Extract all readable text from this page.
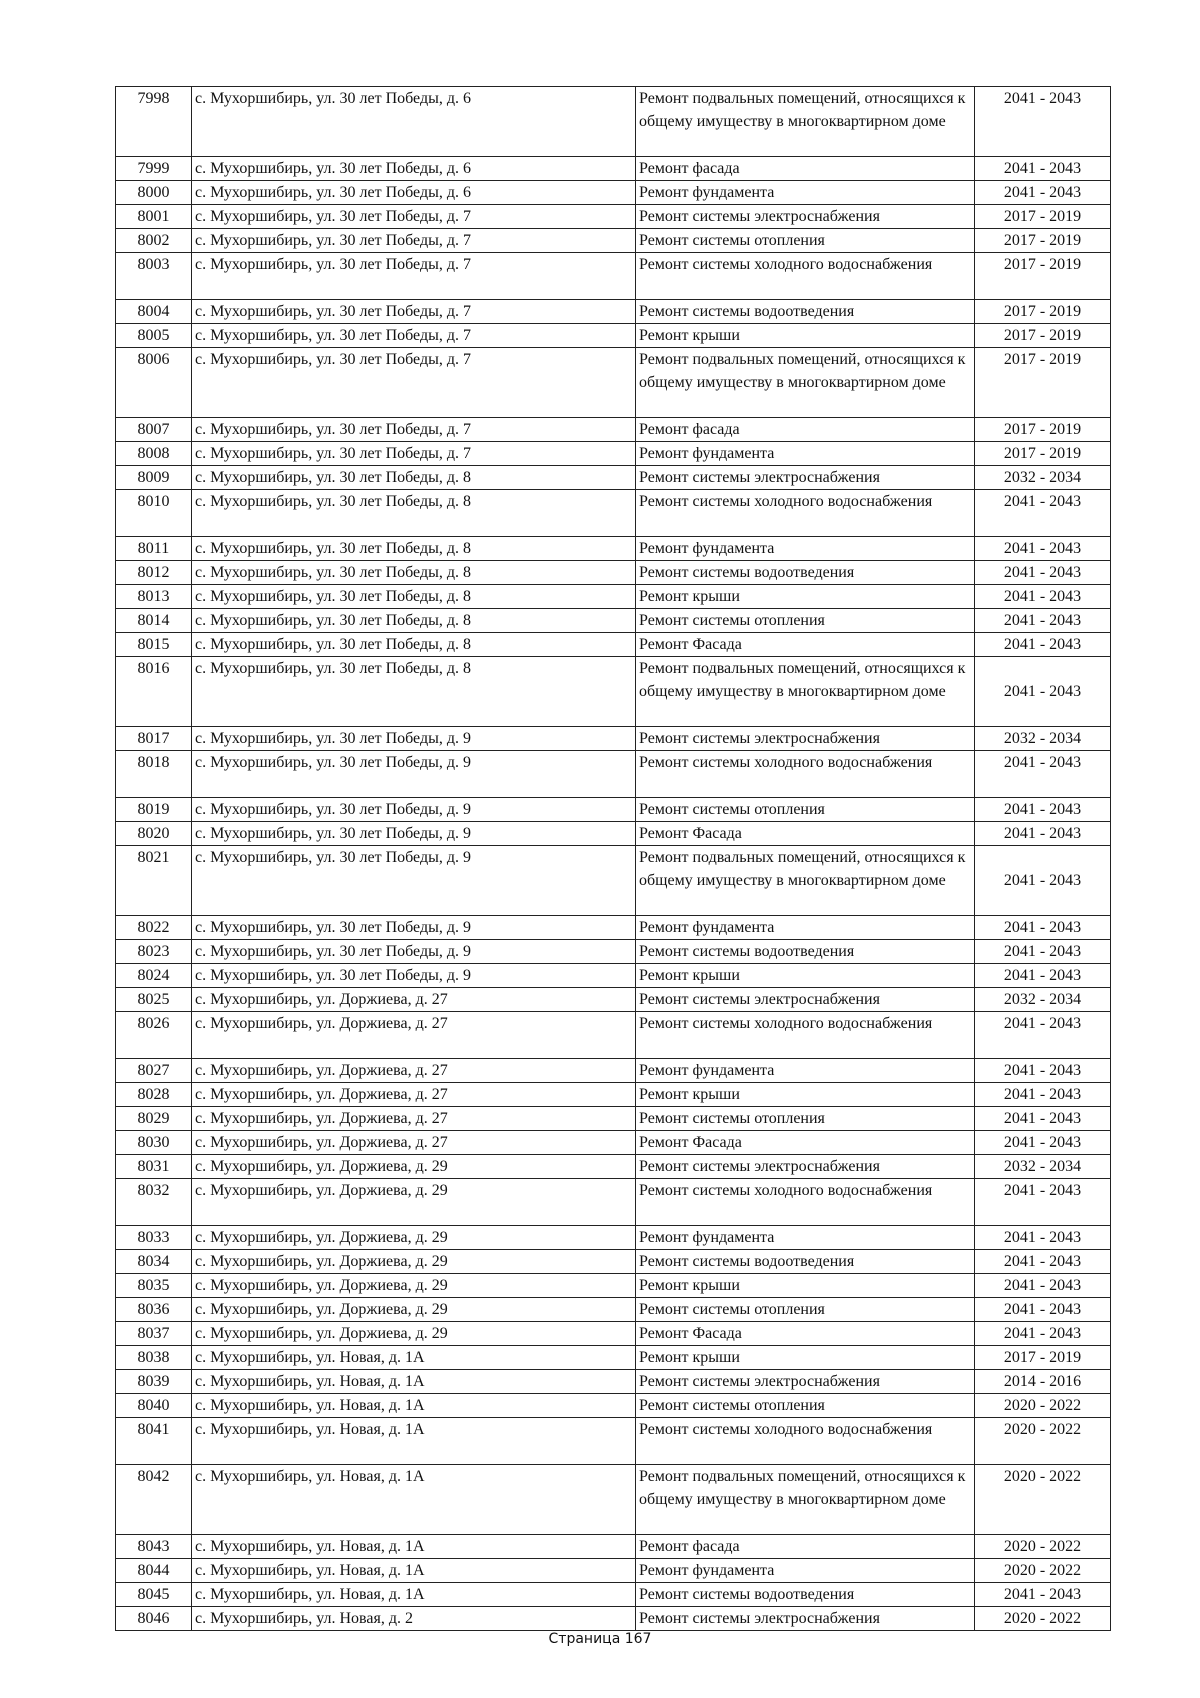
7998	с. Мухоршибирь, ул. 30 лет Победы, д. 6	Ремонт подвальных помещений, относящихся к общему имуществу в многоквартирном доме	2041 - 2043
7999	с. Мухоршибирь, ул. 30 лет Победы, д. 6	Ремонт фасада	2041 - 2043
8000	с. Мухоршибирь, ул. 30 лет Победы, д. 6	Ремонт фундамента	2041 - 2043
8001	с. Мухоршибирь, ул. 30 лет Победы, д. 7	Ремонт системы электроснабжения	2017 - 2019
8002	с. Мухоршибирь, ул. 30 лет Победы, д. 7	Ремонт системы отопления	2017 - 2019
8003	с. Мухоршибирь, ул. 30 лет Победы, д. 7	Ремонт системы холодного водоснабжения	2017 - 2019
8004	с. Мухоршибирь, ул. 30 лет Победы, д. 7	Ремонт системы водоотведения	2017 - 2019
8005	с. Мухоршибирь, ул. 30 лет Победы, д. 7	Ремонт крыши	2017 - 2019
8006	с. Мухоршибирь, ул. 30 лет Победы, д. 7	Ремонт подвальных помещений, относящихся к общему имуществу в многоквартирном доме	2017 - 2019
8007	с. Мухоршибирь, ул. 30 лет Победы, д. 7	Ремонт фасада	2017 - 2019
8008	с. Мухоршибирь, ул. 30 лет Победы, д. 7	Ремонт фундамента	2017 - 2019
8009	с. Мухоршибирь, ул. 30 лет Победы, д. 8	Ремонт системы электроснабжения	2032 - 2034
8010	с. Мухоршибирь, ул. 30 лет Победы, д. 8	Ремонт системы холодного водоснабжения	2041 - 2043
8011	с. Мухоршибирь, ул. 30 лет Победы, д. 8	Ремонт фундамента	2041 - 2043
8012	с. Мухоршибирь, ул. 30 лет Победы, д. 8	Ремонт системы водоотведения	2041 - 2043
8013	с. Мухоршибирь, ул. 30 лет Победы, д. 8	Ремонт крыши	2041 - 2043
8014	с. Мухоршибирь, ул. 30 лет Победы, д. 8	Ремонт системы отопления	2041 - 2043
8015	с. Мухоршибирь, ул. 30 лет Победы, д. 8	Ремонт Фасада	2041 - 2043
8016	с. Мухоршибирь, ул. 30 лет Победы, д. 8	Ремонт подвальных помещений, относящихся к общему имуществу в многоквартирном доме	2041 - 2043
8017	с. Мухоршибирь, ул. 30 лет Победы, д. 9	Ремонт системы электроснабжения	2032 - 2034
8018	с. Мухоршибирь, ул. 30 лет Победы, д. 9	Ремонт системы холодного водоснабжения	2041 - 2043
8019	с. Мухоршибирь, ул. 30 лет Победы, д. 9	Ремонт системы отопления	2041 - 2043
8020	с. Мухоршибирь, ул. 30 лет Победы, д. 9	Ремонт Фасада	2041 - 2043
8021	с. Мухоршибирь, ул. 30 лет Победы, д. 9	Ремонт подвальных помещений, относящихся к общему имуществу в многоквартирном доме	2041 - 2043
8022	с. Мухоршибирь, ул. 30 лет Победы, д. 9	Ремонт фундамента	2041 - 2043
8023	с. Мухоршибирь, ул. 30 лет Победы, д. 9	Ремонт системы водоотведения	2041 - 2043
8024	с. Мухоршибирь, ул. 30 лет Победы, д. 9	Ремонт крыши	2041 - 2043
8025	с. Мухоршибирь, ул. Доржиева, д. 27	Ремонт системы электроснабжения	2032 - 2034
8026	с. Мухоршибирь, ул. Доржиева, д. 27	Ремонт системы холодного водоснабжения	2041 - 2043
8027	с. Мухоршибирь, ул. Доржиева, д. 27	Ремонт фундамента	2041 - 2043
8028	с. Мухоршибирь, ул. Доржиева, д. 27	Ремонт крыши	2041 - 2043
8029	с. Мухоршибирь, ул. Доржиева, д. 27	Ремонт системы отопления	2041 - 2043
8030	с. Мухоршибирь, ул. Доржиева, д. 27	Ремонт Фасада	2041 - 2043
8031	с. Мухоршибирь, ул. Доржиева, д. 29	Ремонт системы электроснабжения	2032 - 2034
8032	с. Мухоршибирь, ул. Доржиева, д. 29	Ремонт системы холодного водоснабжения	2041 - 2043
8033	с. Мухоршибирь, ул. Доржиева, д. 29	Ремонт фундамента	2041 - 2043
8034	с. Мухоршибирь, ул. Доржиева, д. 29	Ремонт системы водоотведения	2041 - 2043
8035	с. Мухоршибирь, ул. Доржиева, д. 29	Ремонт крыши	2041 - 2043
8036	с. Мухоршибирь, ул. Доржиева, д. 29	Ремонт системы отопления	2041 - 2043
8037	с. Мухоршибирь, ул. Доржиева, д. 29	Ремонт Фасада	2041 - 2043
8038	с. Мухоршибирь, ул. Новая, д. 1А	Ремонт крыши	2017 - 2019
8039	с. Мухоршибирь, ул. Новая, д. 1А	Ремонт системы электроснабжения	2014 - 2016
8040	с. Мухоршибирь, ул. Новая, д. 1А	Ремонт системы отопления	2020 - 2022
8041	с. Мухоршибирь, ул. Новая, д. 1А	Ремонт системы холодного водоснабжения	2020 - 2022
8042	с. Мухоршибирь, ул. Новая, д. 1А	Ремонт подвальных помещений, относящихся к общему имуществу в многоквартирном доме	2020 - 2022
8043	с. Мухоршибирь, ул. Новая, д. 1А	Ремонт фасада	2020 - 2022
8044	с. Мухоршибирь, ул. Новая, д. 1А	Ремонт фундамента	2020 - 2022
8045	с. Мухоршибирь, ул. Новая, д. 1А	Ремонт системы водоотведения	2041 - 2043
8046	с. Мухоршибирь, ул. Новая, д. 2	Ремонт системы электроснабжения	2020 - 2022
Страница 167
